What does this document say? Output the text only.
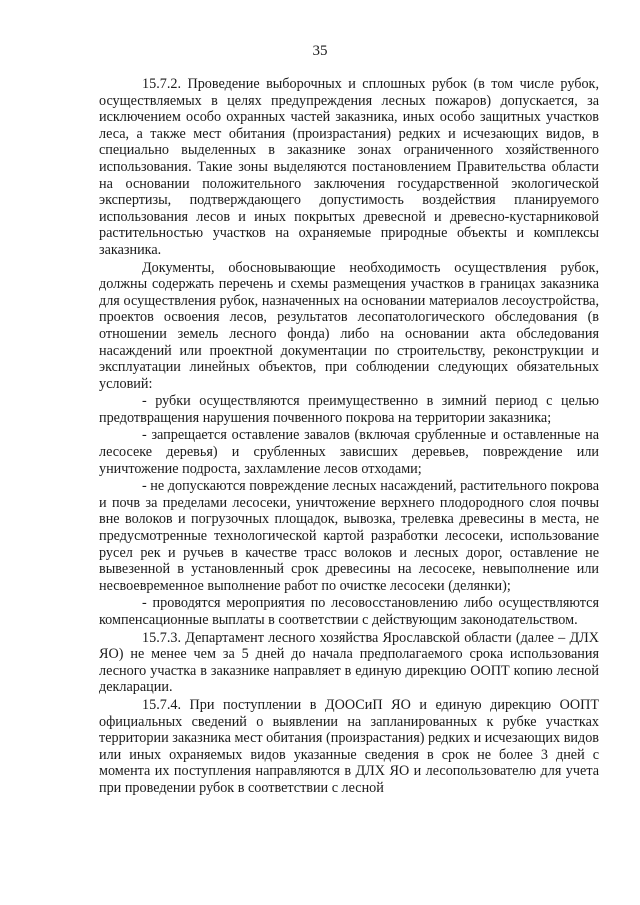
35

15.7.2. Проведение выборочных и сплошных рубок (в том числе рубок, осуществляемых в целях предупреждения лесных пожаров) допускается, за исключением особо охранных частей заказника, иных особо защитных участков леса, а также мест обитания (произрастания) редких и исчезающих видов, в специально выделенных в заказнике зонах ограниченного хозяйственного использования. Такие зоны выделяются постановлением Правительства области на основании положительного заключения государственной экологической экспертизы, подтверждающего допустимость воздействия планируемого использования лесов и иных покрытых древесной и древесно-кустарниковой растительностью участков на охраняемые природные объекты и комплексы заказника.

Документы, обосновывающие необходимость осуществления рубок, должны содержать перечень и схемы размещения участков в границах заказника для осуществления рубок, назначенных на основании материалов лесоустройства, проектов освоения лесов, результатов лесопатологического обследования (в отношении земель лесного фонда) либо на основании акта обследования насаждений или проектной документации по строительству, реконструкции и эксплуатации линейных объектов, при соблюдении следующих обязательных условий:

- рубки осуществляются преимущественно в зимний период с целью предотвращения нарушения почвенного покрова на территории заказника;

- запрещается оставление завалов (включая срубленные и оставленные на лесосеке деревья) и срубленных зависших деревьев, повреждение или уничтожение подроста, захламление лесов отходами;

- не допускаются повреждение лесных насаждений, растительного покрова и почв за пределами лесосеки, уничтожение верхнего плодородного слоя почвы вне волоков и погрузочных площадок, вывозка, трелевка древесины в места, не предусмотренные технологической картой разработки лесосеки, использование русел рек и ручьев в качестве трасс волоков и лесных дорог, оставление не вывезенной в установленный срок древесины на лесосеке, невыполнение или несвоевременное выполнение работ по очистке лесосеки (делянки);

- проводятся мероприятия по лесовосстановлению либо осуществляются компенсационные выплаты в соответствии с действующим законодательством.

15.7.3. Департамент лесного хозяйства Ярославской области (далее – ДЛХ ЯО) не менее чем за 5 дней до начала предполагаемого срока использования лесного участка в заказнике направляет в единую дирекцию ООПТ копию лесной декларации.

15.7.4. При поступлении в ДООСиП ЯО и единую дирекцию ООПТ официальных сведений о выявлении на запланированных к рубке участках территории заказника мест обитания (произрастания) редких и исчезающих видов или иных охраняемых видов указанные сведения в срок не более 3 дней с момента их поступления направляются в ДЛХ ЯО и лесопользователю для учета при проведении рубок в соответствии с лесной
